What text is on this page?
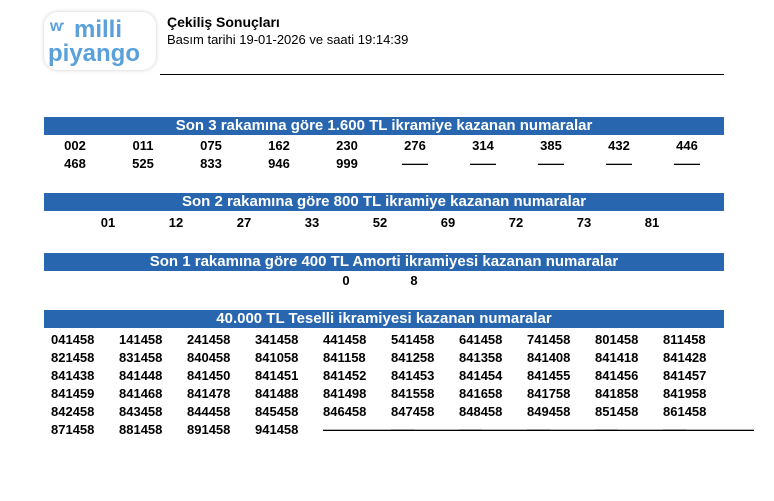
ⱳ milli
piyango
Çekiliş Sonuçları
Basım tarihi 19-01-2026 ve saati 19:14:39
Son 3 rakamına göre 1.600 TL ikramiye kazanan numaralar
002	011	075	162	230	276	314	385	432	446
468	525	833	946	999	——	——	——	——	——
Son 2 rakamına göre 800 TL ikramiye kazanan numaralar
01	12	27	33	52	69	72	73	81
Son 1 rakamına göre 400 TL Amorti ikramiyesi kazanan numaralar
0	8
40.000 TL Teselli ikramiyesi kazanan numaralar
041458	141458	241458	341458	441458	541458	641458	741458	801458	811458
821458	831458	840458	841058	841158	841258	841358	841408	841418	841428
841438	841448	841450	841451	841452	841453	841454	841455	841456	841457
841459	841468	841478	841488	841498	841558	841658	841758	841858	841958
842458	843458	844458	845458	846458	847458	848458	849458	851458	861458
871458	881458	891458	941458	———————
———————
———————
———————
———————
———————
